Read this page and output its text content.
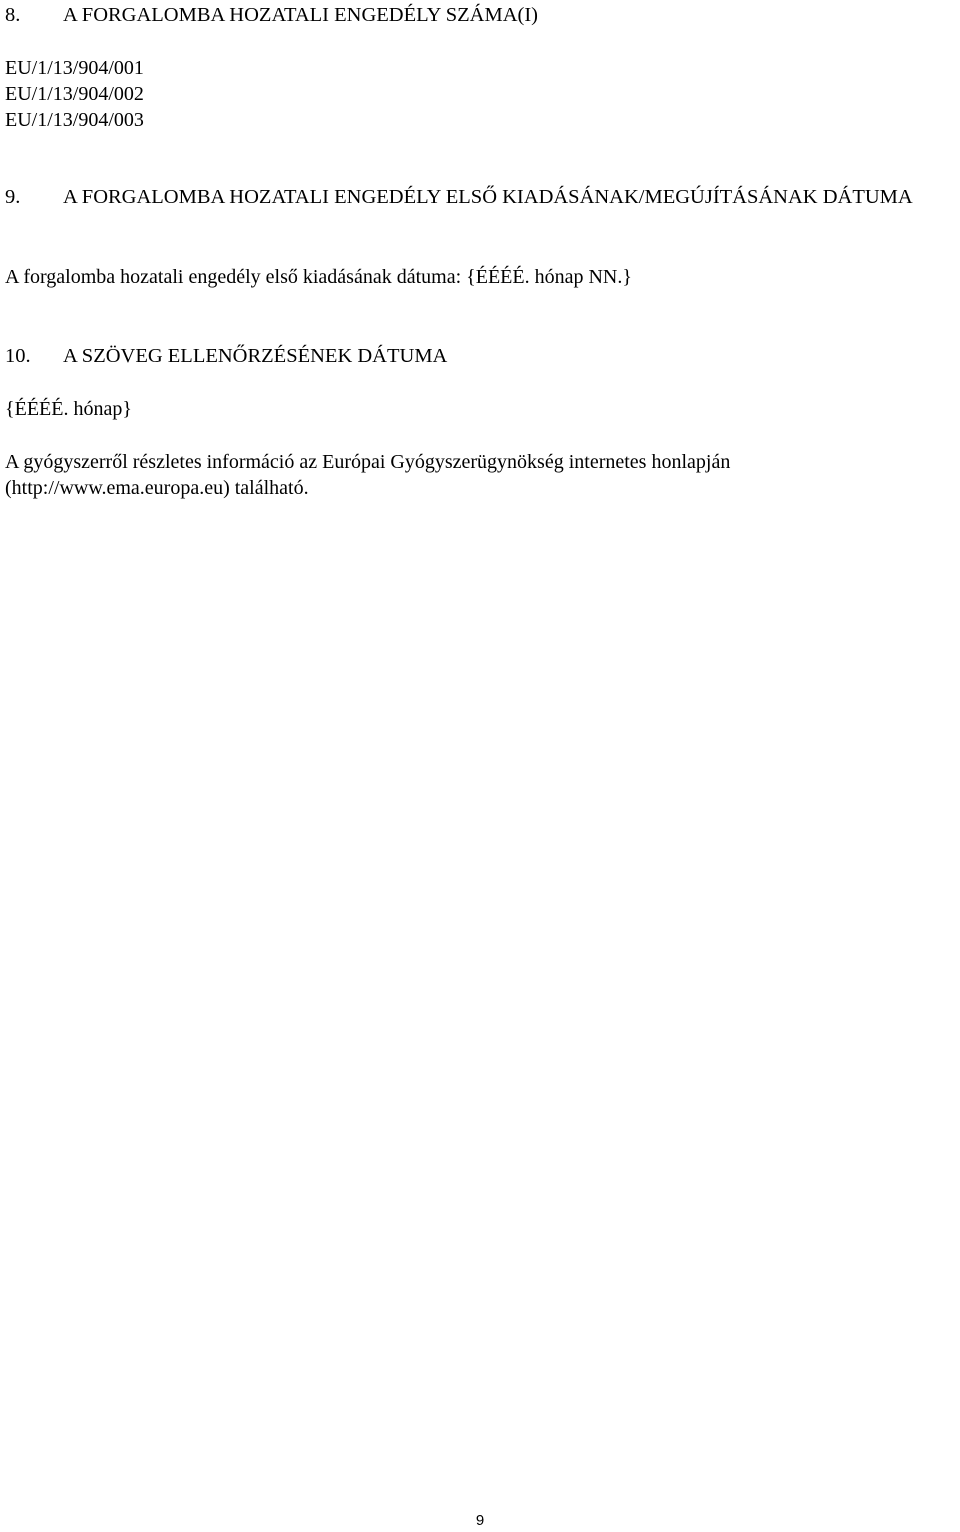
8.	A FORGALOMBA HOZATALI ENGEDÉLY SZÁMA(I)
EU/1/13/904/001
EU/1/13/904/002
EU/1/13/904/003
9.	A FORGALOMBA HOZATALI ENGEDÉLY ELSŐ KIADÁSÁNAK/MEGÚJÍTÁSÁNAK DÁTUMA

A forgalomba hozatali engedély első kiadásának dátuma: {ÉÉÉÉ. hónap NN.}

10.	A SZÖVEG ELLENŐRZÉSÉNEK DÁTUMA
{ÉÉÉÉ. hónap}

A gyógyszerről részletes információ az Európai Gyógyszerügynökség internetes honlapján (http://www.ema.europa.eu) található.

9
